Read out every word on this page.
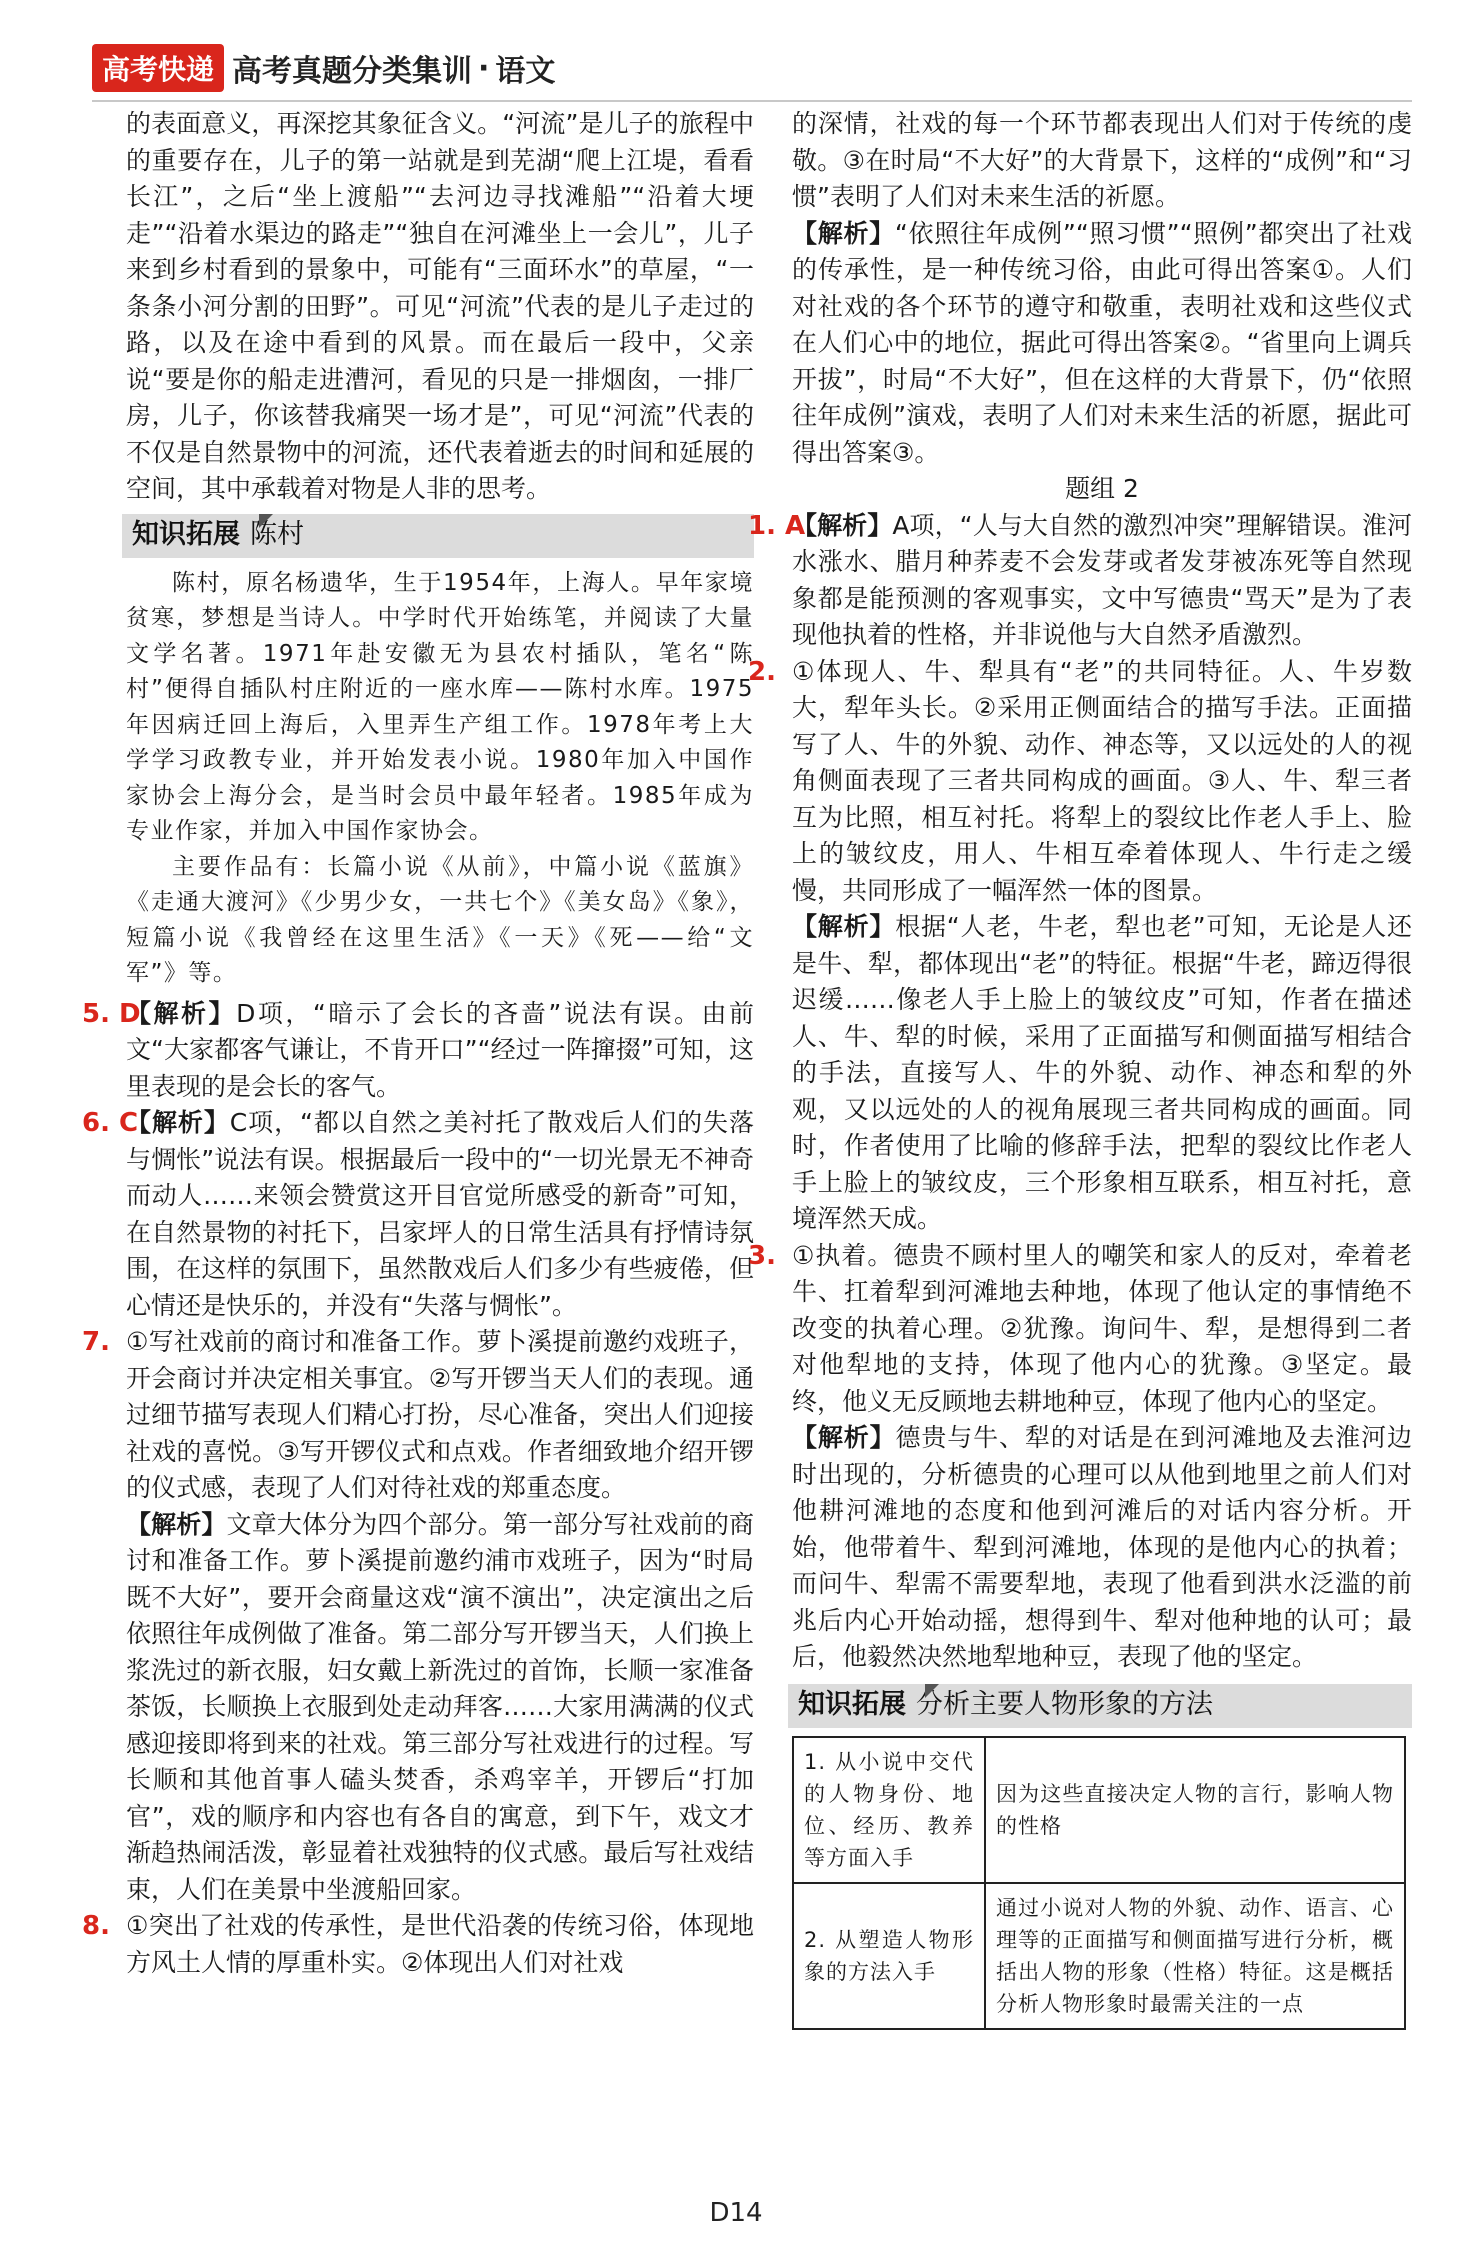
高考快递 高考真题分类集训 · 语文

的表面意义，再深挖其象征含义。“河流”是儿子的旅程中的重要存在，儿子的第一站就是到芜湖“爬上江堤，看看长江”，之后“坐上渡船”“去河边寻找滩船”“沿着大埂走”“沿着水渠边的路走”“独自在河滩坐上一会儿”，儿子来到乡村看到的景象中，可能有“三面环水”的草屋，“一条条小河分割的田野”。可见“河流”代表的是儿子走过的路，以及在途中看到的风景。而在最后一段中，父亲说“要是你的船走进漕河，看见的只是一排烟囱，一排厂房，儿子，你该替我痛哭一场才是”，可见“河流”代表的不仅是自然景物中的河流，还代表着逝去的时间和延展的空间，其中承载着对物是人非的思考。

知识拓展 陈村

陈村，原名杨遗华，生于1954年，上海人。早年家境贫寒，梦想是当诗人。中学时代开始练笔，并阅读了大量文学名著。1971年赴安徽无为县农村插队，笔名“陈村”便得自插队村庄附近的一座水库——陈村水库。1975年因病迁回上海后，入里弄生产组工作。1978年考上大学学习政教专业，并开始发表小说。1980年加入中国作家协会上海分会，是当时会员中最年轻者。1985年成为专业作家，并加入中国作家协会。

主要作品有：长篇小说《从前》，中篇小说《蓝旗》《走通大渡河》《少男少女，一共七个》《美女岛》《象》，短篇小说《我曾经在这里生活》《一天》《死——给“文军”》等。

5. D

【解析】D项，“暗示了会长的吝啬”说法有误。由前文“大家都客气谦让，不肯开口”“经过一阵撺掇”可知，这里表现的是会长的客气。

6. C

【解析】C项，“都以自然之美衬托了散戏后人们的失落与惆怅”说法有误。根据最后一段中的“一切光景无不神奇而动人……来领会赞赏这开目官觉所感受的新奇”可知，在自然景物的衬托下，吕家坪人的日常生活具有抒情诗氛围，在这样的氛围下，虽然散戏后人们多少有些疲倦，但心情还是快乐的，并没有“失落与惆怅”。

7. ①写社戏前的商讨和准备工作。萝卜溪提前邀约戏班子，开会商讨并决定相关事宜。②写开锣当天人们的表现。通过细节描写表现人们精心打扮，尽心准备，突出人们迎接社戏的喜悦。③写开锣仪式和点戏。作者细致地介绍开锣的仪式感，表现了人们对待社戏的郑重态度。

【解析】文章大体分为四个部分。第一部分写社戏前的商讨和准备工作。萝卜溪提前邀约浦市戏班子，因为“时局既不大好”，要开会商量这戏“演不演出”，决定演出之后依照往年成例做了准备。第二部分写开锣当天，人们换上浆洗过的新衣服，妇女戴上新洗过的首饰，长顺一家准备茶饭，长顺换上衣服到处走动拜客……大家用满满的仪式感迎接即将到来的社戏。第三部分写社戏进行的过程。写长顺和其他首事人磕头焚香，杀鸡宰羊，开锣后“打加官”，戏的顺序和内容也有各自的寓意，到下午，戏文才渐趋热闹活泼，彰显着社戏独特的仪式感。最后写社戏结束，人们在美景中坐渡船回家。

8. ①突出了社戏的传承性，是世代沿袭的传统习俗，体现地方风土人情的厚重朴实。②体现出人们对社戏

的深情，社戏的每一个环节都表现出人们对于传统的虔敬。③在时局“不大好”的大背景下，这样的“成例”和“习惯”表明了人们对未来生活的祈愿。

【解析】“依照往年成例”“照习惯”“照例”都突出了社戏的传承性，是一种传统习俗，由此可得出答案①。人们对社戏的各个环节的遵守和敬重，表明社戏和这些仪式在人们心中的地位，据此可得出答案②。“省里向上调兵开拔”，时局“不大好”，但在这样的大背景下，仍“依照往年成例”演戏，表明了人们对未来生活的祈愿，据此可得出答案③。

题组 2

1. A

【解析】A项，“人与大自然的激烈冲突”理解错误。淮河水涨水、腊月种荞麦不会发芽或者发芽被冻死等自然现象都是能预测的客观事实，文中写德贵“骂天”是为了表现他执着的性格，并非说他与大自然矛盾激烈。

2. ①体现人、牛、犁具有“老”的共同特征。人、牛岁数大，犁年头长。②采用正侧面结合的描写手法。正面描写了人、牛的外貌、动作、神态等，又以远处的人的视角侧面表现了三者共同构成的画面。③人、牛、犁三者互为比照，相互衬托。将犁上的裂纹比作老人手上、脸上的皱纹皮，用人、牛相互牵着体现人、牛行走之缓慢，共同形成了一幅浑然一体的图景。

【解析】根据“人老，牛老，犁也老”可知，无论是人还是牛、犁，都体现出“老”的特征。根据“牛老，蹄迈得很迟缓……像老人手上脸上的皱纹皮”可知，作者在描述人、牛、犁的时候，采用了正面描写和侧面描写相结合的手法，直接写人、牛的外貌、动作、神态和犁的外观，又以远处的人的视角展现三者共同构成的画面。同时，作者使用了比喻的修辞手法，把犁的裂纹比作老人手上脸上的皱纹皮，三个形象相互联系，相互衬托，意境浑然天成。

3. ①执着。德贵不顾村里人的嘲笑和家人的反对，牵着老牛、扛着犁到河滩地去种地，体现了他认定的事情绝不改变的执着心理。②犹豫。询问牛、犁，是想得到二者对他犁地的支持，体现了他内心的犹豫。③坚定。最终，他义无反顾地去耕地种豆，体现了他内心的坚定。

【解析】德贵与牛、犁的对话是在到河滩地及去淮河边时出现的，分析德贵的心理可以从他到地里之前人们对他耕河滩地的态度和他到河滩后的对话内容分析。开始，他带着牛、犁到河滩地，体现的是他内心的执着；而问牛、犁需不需要犁地，表现了他看到洪水泛滥的前兆后内心开始动摇，想得到牛、犁对他种地的认可；最后，他毅然决然地犁地种豆，表现了他的坚定。

知识拓展 分析主要人物形象的方法
1. 从小说中交代的人物身份、地位、经历、教养等方面入手	因为这些直接决定人物的言行，影响人物的性格
2. 从塑造人物形象的方法入手	通过小说对人物的外貌、动作、语言、心理等的正面描写和侧面描写进行分析，概括出人物的形象（性格）特征。这是概括分析人物形象时最需关注的一点
D14
